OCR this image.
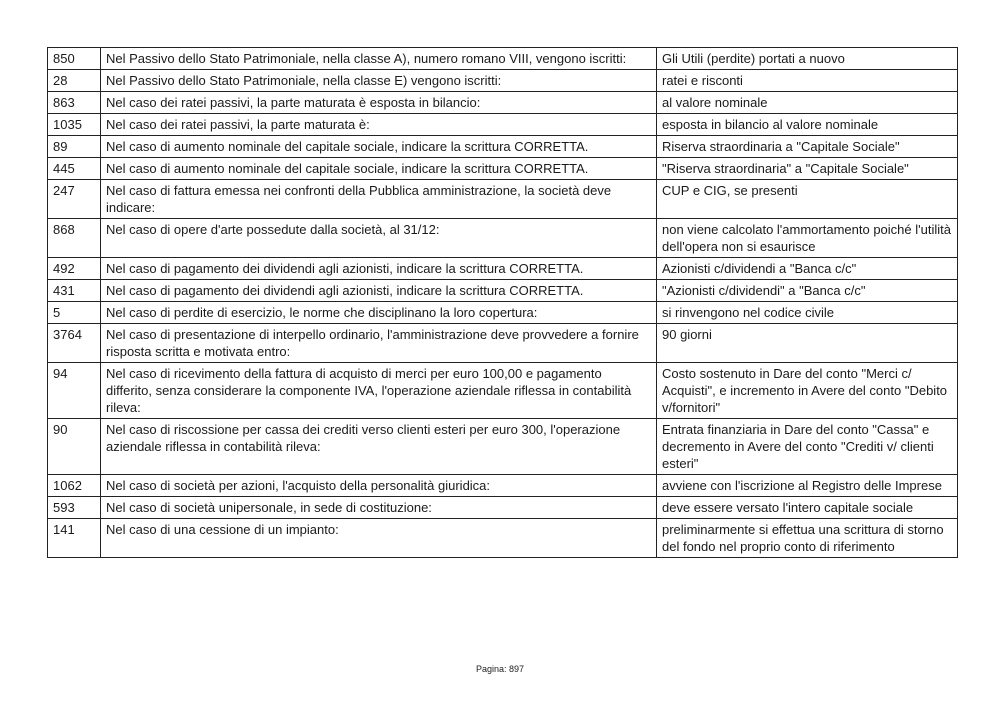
850	Nel Passivo dello Stato Patrimoniale, nella classe A), numero romano VIII, vengono iscritti:	Gli Utili (perdite) portati a nuovo
28	Nel Passivo dello Stato Patrimoniale, nella classe E) vengono iscritti:	ratei e risconti
863	Nel caso dei ratei passivi, la parte maturata è esposta in bilancio:	al valore nominale
1035	Nel caso dei ratei passivi, la parte maturata è:	esposta in bilancio al valore nominale
89	Nel caso di aumento nominale del capitale sociale, indicare la scrittura CORRETTA.	Riserva straordinaria a "Capitale Sociale"
445	Nel caso di aumento nominale del capitale sociale, indicare la scrittura CORRETTA.	"Riserva straordinaria" a "Capitale Sociale"
247	Nel caso di fattura emessa nei confronti della Pubblica amministrazione, la società deve indicare:	CUP e CIG, se presenti
868	Nel caso di opere d'arte possedute dalla società, al 31/12:	non viene calcolato l'ammortamento poiché l'utilità dell'opera non si esaurisce
492	Nel caso di pagamento dei dividendi agli azionisti, indicare la scrittura CORRETTA.	Azionisti c/dividendi a "Banca c/c"
431	Nel caso di pagamento dei dividendi agli azionisti, indicare la scrittura CORRETTA.	"Azionisti c/dividendi" a "Banca c/c"
5	Nel caso di perdite di esercizio, le norme che disciplinano la loro copertura:	si rinvengono nel codice civile
3764	Nel caso di presentazione di interpello ordinario, l'amministrazione deve provvedere a fornire risposta scritta e motivata entro:	90 giorni
94	Nel caso di ricevimento della fattura di acquisto di merci per euro 100,00 e pagamento differito, senza considerare la componente IVA, l'operazione aziendale riflessa in contabilità rileva:	Costo sostenuto in Dare del conto "Merci c/ Acquisti", e incremento in Avere del conto "Debito v/fornitori"
90	Nel caso di riscossione per cassa dei crediti verso clienti esteri per euro 300, l'operazione aziendale riflessa in contabilità rileva:	Entrata finanziaria in Dare del conto "Cassa" e decremento in Avere del conto "Crediti v/ clienti esteri"
1062	Nel caso di società per azioni, l'acquisto della personalità giuridica:	avviene con l'iscrizione al Registro delle Imprese
593	Nel caso di società unipersonale, in sede di costituzione:	deve essere versato l'intero capitale sociale
141	Nel caso di una cessione di un impianto:	preliminarmente si effettua una scrittura di storno del fondo nel proprio conto di riferimento
Pagina: 897
